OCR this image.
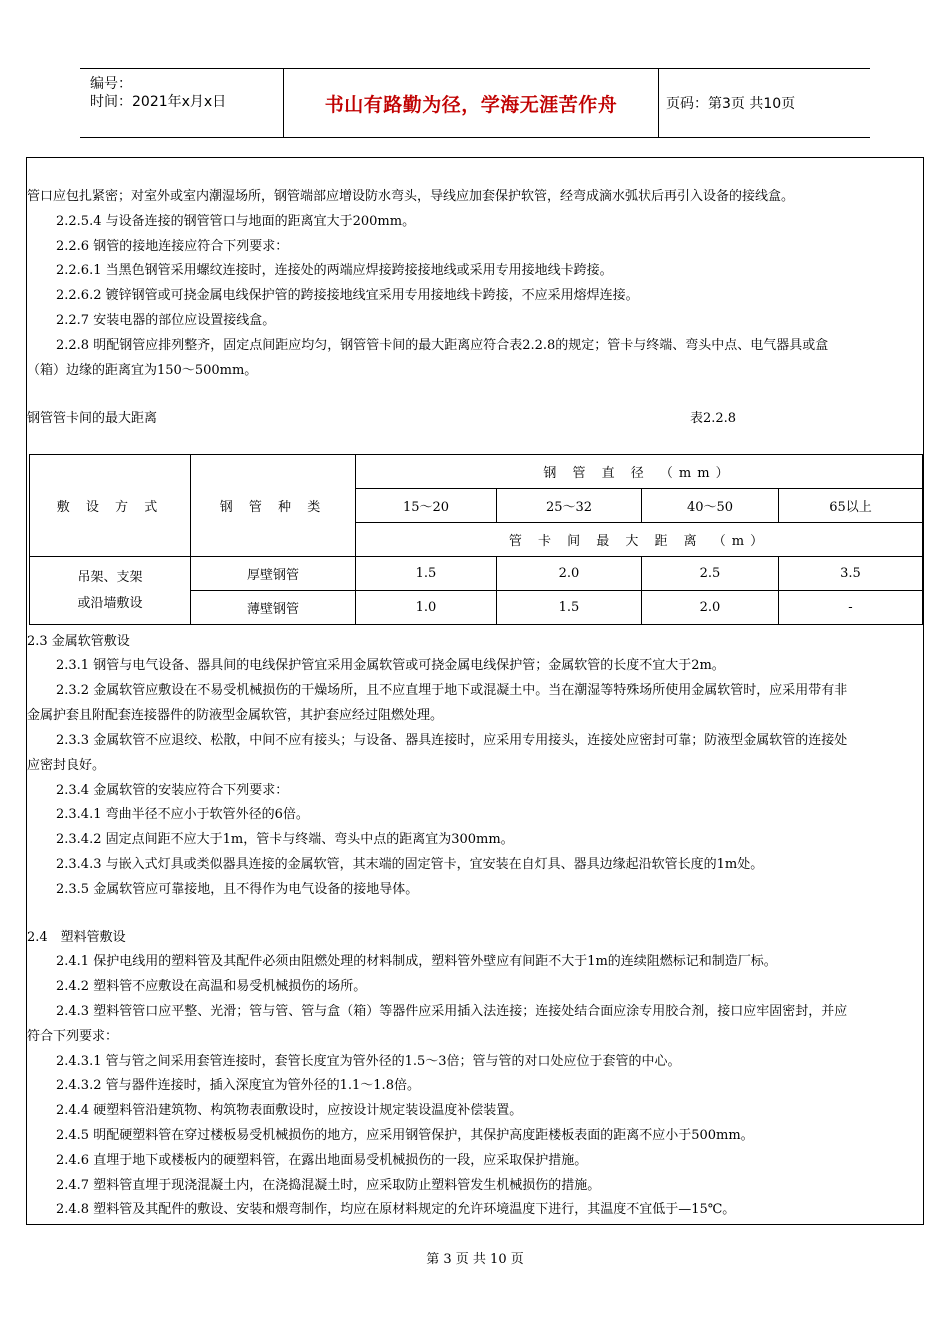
编号：
时间：2021年x月x日	书山有路勤为径，学海无涯苦作舟	页码：第3页 共10页
管口应包扎紧密；对室外或室内潮湿场所，钢管端部应增设防水弯头，导线应加套保护软管，经弯成滴水弧状后再引入设备的接线盒。
2.2.5.4 与设备连接的钢管管口与地面的距离宜大于200mm。
2.2.6 钢管的接地连接应符合下列要求：
2.2.6.1 当黑色钢管采用螺纹连接时，连接处的两端应焊接跨接接地线或采用专用接地线卡跨接。
2.2.6.2 镀锌钢管或可挠金属电线保护管的跨接接地线宜采用专用接地线卡跨接，不应采用熔焊连接。
2.2.7 安装电器的部位应设置接线盒。
2.2.8 明配钢管应排列整齐，固定点间距应均匀，钢管管卡间的最大距离应符合表2.2.8的规定；管卡与终端、弯头中点、电气器具或盒
（箱）边缘的距离宜为150～500mm。
钢管管卡间的最大距离	表2.2.8
敷 设 方 式	钢 管 种 类	钢 管 直 径 （mm）			
		15～20	25～32	40～50	65以上
		管 卡 间 最 大 距 离 （m）			

吊架、支架
或沿墙敷设	厚壁钢管	1.5	2.0	2.5	3.5
	薄壁钢管	1.0	1.5	2.0	-
2.3 金属软管敷设
2.3.1 钢管与电气设备、器具间的电线保护管宜采用金属软管或可挠金属电线保护管；金属软管的长度不宜大于2m。
2.3.2 金属软管应敷设在不易受机械损伤的干燥场所，且不应直埋于地下或混凝土中。当在潮湿等特殊场所使用金属软管时，应采用带有非
金属护套且附配套连接器件的防液型金属软管，其护套应经过阻燃处理。
2.3.3 金属软管不应退绞、松散，中间不应有接头；与设备、器具连接时，应采用专用接头，连接处应密封可靠；防液型金属软管的连接处
应密封良好。
2.3.4 金属软管的安装应符合下列要求：
2.3.4.1 弯曲半径不应小于软管外径的6倍。
2.3.4.2 固定点间距不应大于1m，管卡与终端、弯头中点的距离宜为300mm。
2.3.4.3 与嵌入式灯具或类似器具连接的金属软管，其末端的固定管卡，宜安装在自灯具、器具边缘起沿软管长度的1m处。
2.3.5 金属软管应可靠接地，且不得作为电气设备的接地导体。
2.4　塑料管敷设
2.4.1 保护电线用的塑料管及其配件必须由阻燃处理的材料制成，塑料管外壁应有间距不大于1m的连续阻燃标记和制造厂标。
2.4.2 塑料管不应敷设在高温和易受机械损伤的场所。
2.4.3 塑料管管口应平整、光滑；管与管、管与盒（箱）等器件应采用插入法连接；连接处结合面应涂专用胶合剂，接口应牢固密封，并应
符合下列要求：
2.4.3.1 管与管之间采用套管连接时，套管长度宜为管外径的1.5～3倍；管与管的对口处应位于套管的中心。
2.4.3.2 管与器件连接时，插入深度宜为管外径的1.1～1.8倍。
2.4.4 硬塑料管沿建筑物、构筑物表面敷设时，应按设计规定装设温度补偿装置。
2.4.5 明配硬塑料管在穿过楼板易受机械损伤的地方，应采用钢管保护，其保护高度距楼板表面的距离不应小于500mm。
2.4.6 直埋于地下或楼板内的硬塑料管，在露出地面易受机械损伤的一段，应采取保护措施。
2.4.7 塑料管直埋于现浇混凝土内，在浇捣混凝土时，应采取防止塑料管发生机械损伤的措施。
2.4.8 塑料管及其配件的敷设、安装和煨弯制作，均应在原材料规定的允许环境温度下进行，其温度不宜低于—15℃。
第 3 页 共 10 页
